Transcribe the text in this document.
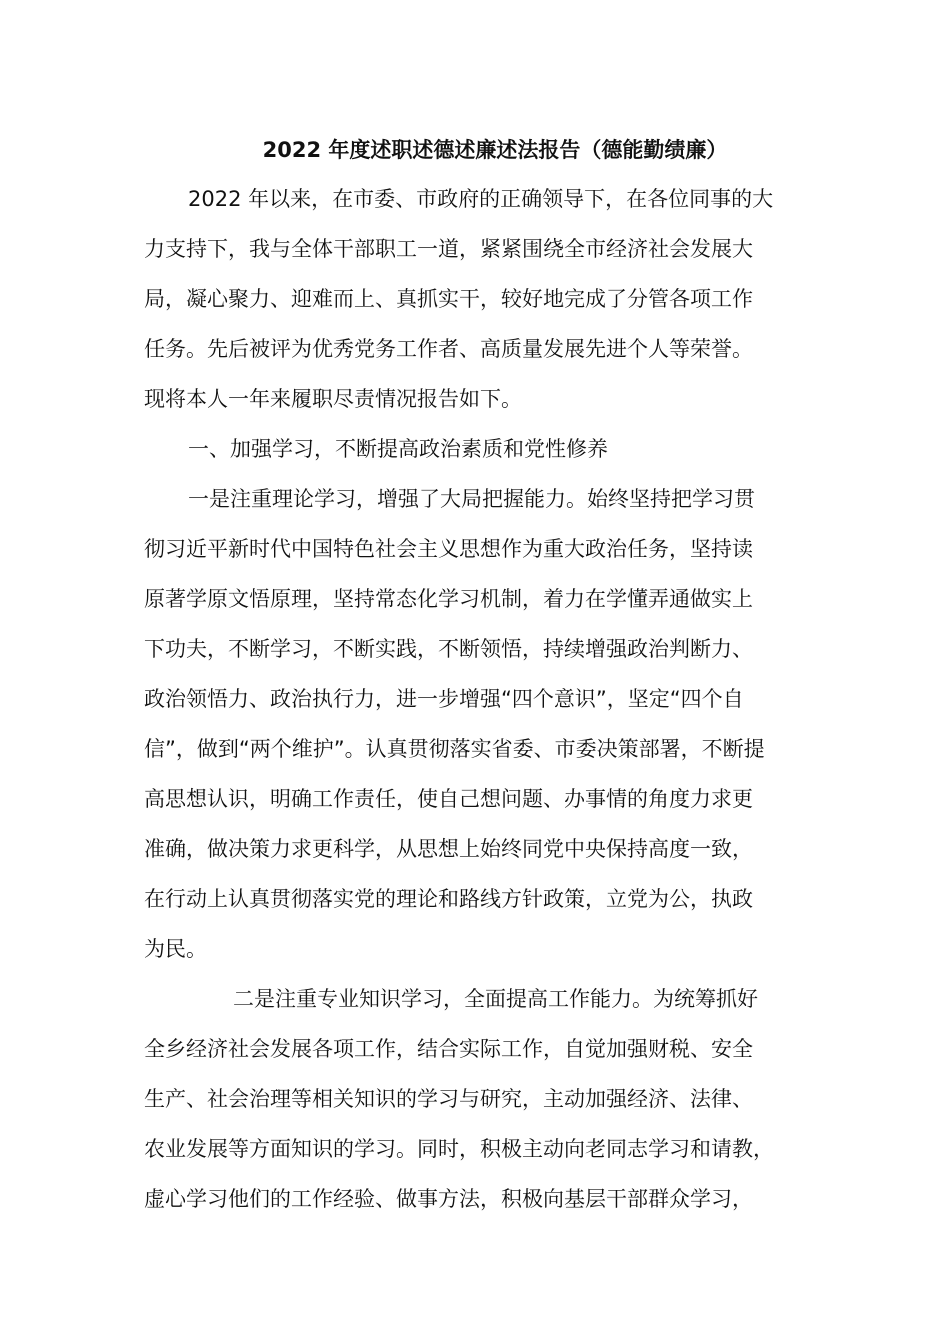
2022 年度述职述德述廉述法报告（德能勤绩廉）
2022 年以来，在市委、市政府的正确领导下，在各位同事的大
力支持下，我与全体干部职工一道，紧紧围绕全市经济社会发展大
局，凝心聚力、迎难而上、真抓实干，较好地完成了分管各项工作
任务。先后被评为优秀党务工作者、高质量发展先进个人等荣誉。
现将本人一年来履职尽责情况报告如下。
一、加强学习，不断提高政治素质和党性修养
一是注重理论学习，增强了大局把握能力。始终坚持把学习贯
彻习近平新时代中国特色社会主义思想作为重大政治任务，坚持读
原著学原文悟原理，坚持常态化学习机制，着力在学懂弄通做实上
下功夫，不断学习，不断实践，不断领悟，持续增强政治判断力、
政治领悟力、政治执行力，进一步增强“四个意识”，坚定“四个自
信”，做到“两个维护”。认真贯彻落实省委、市委决策部署，不断提
高思想认识，明确工作责任，使自己想问题、办事情的角度力求更
准确，做决策力求更科学，从思想上始终同党中央保持高度一致，
在行动上认真贯彻落实党的理论和路线方针政策，立党为公，执政
为民。
二是注重专业知识学习，全面提高工作能力。为统筹抓好
全乡经济社会发展各项工作，结合实际工作，自觉加强财税、安全
生产、社会治理等相关知识的学习与研究，主动加强经济、法律、
农业发展等方面知识的学习。同时，积极主动向老同志学习和请教，
虚心学习他们的工作经验、做事方法，积极向基层干部群众学习，
